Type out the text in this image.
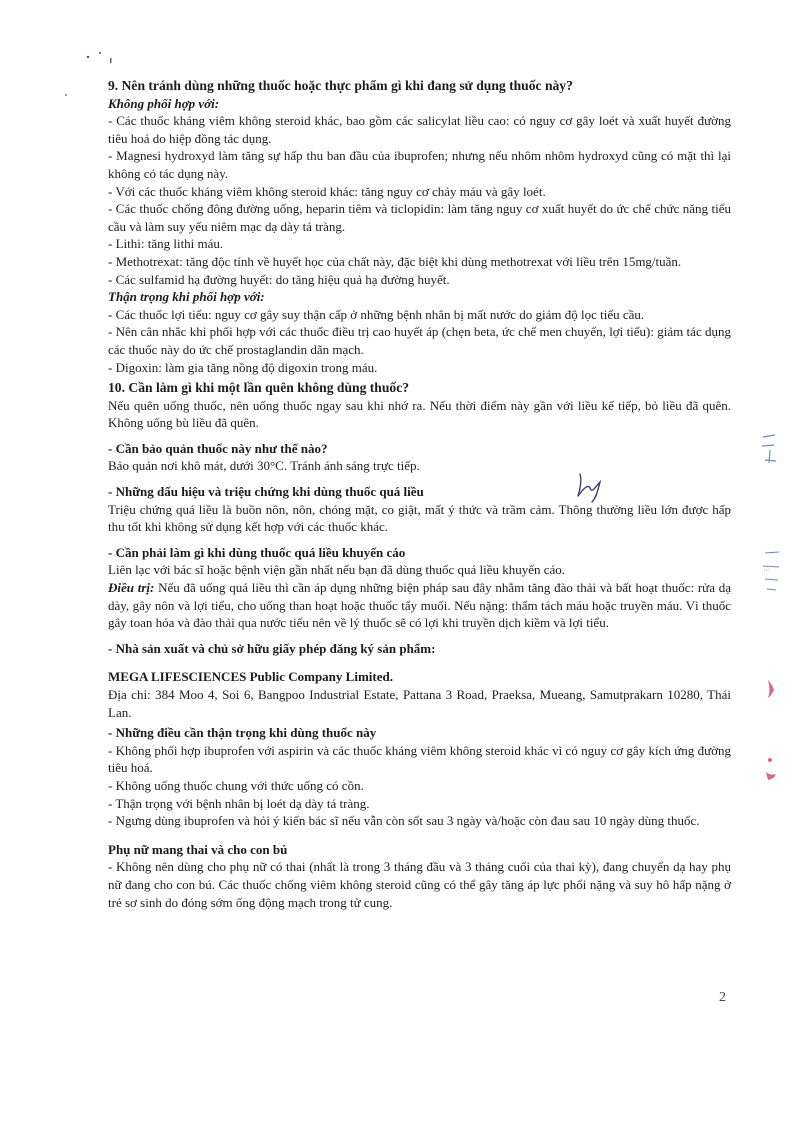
9. Nên tránh dùng những thuốc hoặc thực phẩm gì khi đang sử dụng thuốc này?

Không phối hợp với:

- Các thuốc kháng viêm không steroid khác, bao gồm các salicylat liều cao: có nguy cơ gây loét và xuất huyết đường tiêu hoá do hiệp đồng tác dụng.

- Magnesi hydroxyd làm tăng sự hấp thu ban đầu của ibuprofen; nhưng nếu nhôm nhôm hydroxyd cũng có mặt thì lại không có tác dụng này.

- Với các thuốc kháng viêm không steroid khác: tăng nguy cơ chảy máu và gây loét.

- Các thuốc chống đông đường uống, heparin tiêm và ticlopidin: làm tăng nguy cơ xuất huyết do ức chế chức năng tiểu cầu và làm suy yếu niêm mạc dạ dày tá tràng.

- Lithi: tăng lithi máu.

- Methotrexat: tăng độc tính về huyết học của chất này, đặc biệt khi dùng methotrexat với liều trên 15mg/tuần.

- Các sulfamid hạ đường huyết: do tăng hiệu quả hạ đường huyết.

Thận trọng khi phối hợp với:

- Các thuốc lợi tiểu: nguy cơ gây suy thận cấp ở những bệnh nhân bị mất nước do giảm độ lọc tiểu cầu.

- Nên cân nhắc khi phối hợp với các thuốc điều trị cao huyết áp (chẹn beta, ức chế men chuyển, lợi tiểu): giảm tác dụng các thuốc này do ức chế prostaglandin dãn mạch.

- Digoxin: làm gia tăng nồng độ digoxin trong máu.

10. Cần làm gì khi một lần quên không dùng thuốc?

Nếu quên uống thuốc, nên uống thuốc ngay sau khi nhớ ra. Nếu thời điểm này gần với liều kế tiếp, bỏ liều đã quên. Không uống bù liều đã quên.

- Cần bảo quản thuốc này như thế nào?

Bảo quản nơi khô mát, dưới 30°C. Tránh ánh sáng trực tiếp.

- Những dấu hiệu và triệu chứng khi dùng thuốc quá liều

Triệu chứng quá liều là buồn nôn, nôn, chóng mặt, co giật, mất ý thức và trầm cảm. Thông thường liều lớn được hấp thu tốt khi không sử dụng kết hợp với các thuốc khác.

- Cần phải làm gì khi dùng thuốc quá liều khuyến cáo

Liên lạc với bác sĩ hoặc bệnh viện gần nhất nếu bạn đã dùng thuốc quá liều khuyến cáo.

Điều trị: Nếu đã uống quá liều thì cần áp dụng những biện pháp sau đây nhằm tăng đào thải và bất hoạt thuốc: rửa dạ dày, gây nôn và lợi tiểu, cho uống than hoạt hoặc thuốc tẩy muối. Nếu nặng: thẩm tách máu hoặc truyền máu. Vì thuốc gây toan hóa và đào thải qua nước tiểu nên về lý thuốc sẽ có lợi khi truyền dịch kiềm và lợi tiểu.

- Nhà sản xuất và chủ sở hữu giấy phép đăng ký sản phẩm:

MEGA LIFESCIENCES Public Company Limited.

Địa chỉ: 384 Moo 4, Soi 6, Bangpoo Industrial Estate, Pattana 3 Road, Praeksa, Mueang, Samutprakarn 10280, Thái Lan.

- Những điều cần thận trọng khi dùng thuốc này

- Không phối hợp ibuprofen với aspirin và các thuốc kháng viêm không steroid khác vì có nguy cơ gây kích ứng đường tiêu hoá.

- Không uống thuốc chung với thức uống có cồn.

- Thận trọng với bệnh nhân bị loét dạ dày tá tràng.

- Ngưng dùng ibuprofen và hỏi ý kiến bác sĩ nếu vẫn còn sốt sau 3 ngày và/hoặc còn đau sau 10 ngày dùng thuốc.

Phụ nữ mang thai và cho con bú

- Không nên dùng cho phụ nữ có thai (nhất là trong 3 tháng đầu và 3 tháng cuối của thai kỳ), đang chuyển dạ hay phụ nữ đang cho con bú. Các thuốc chống viêm không steroid cũng có thể gây tăng áp lực phổi nặng và suy hô hấp nặng ở trẻ sơ sinh do đóng sớm ống động mạch trong tử cung.

2
ˈˈˈ
